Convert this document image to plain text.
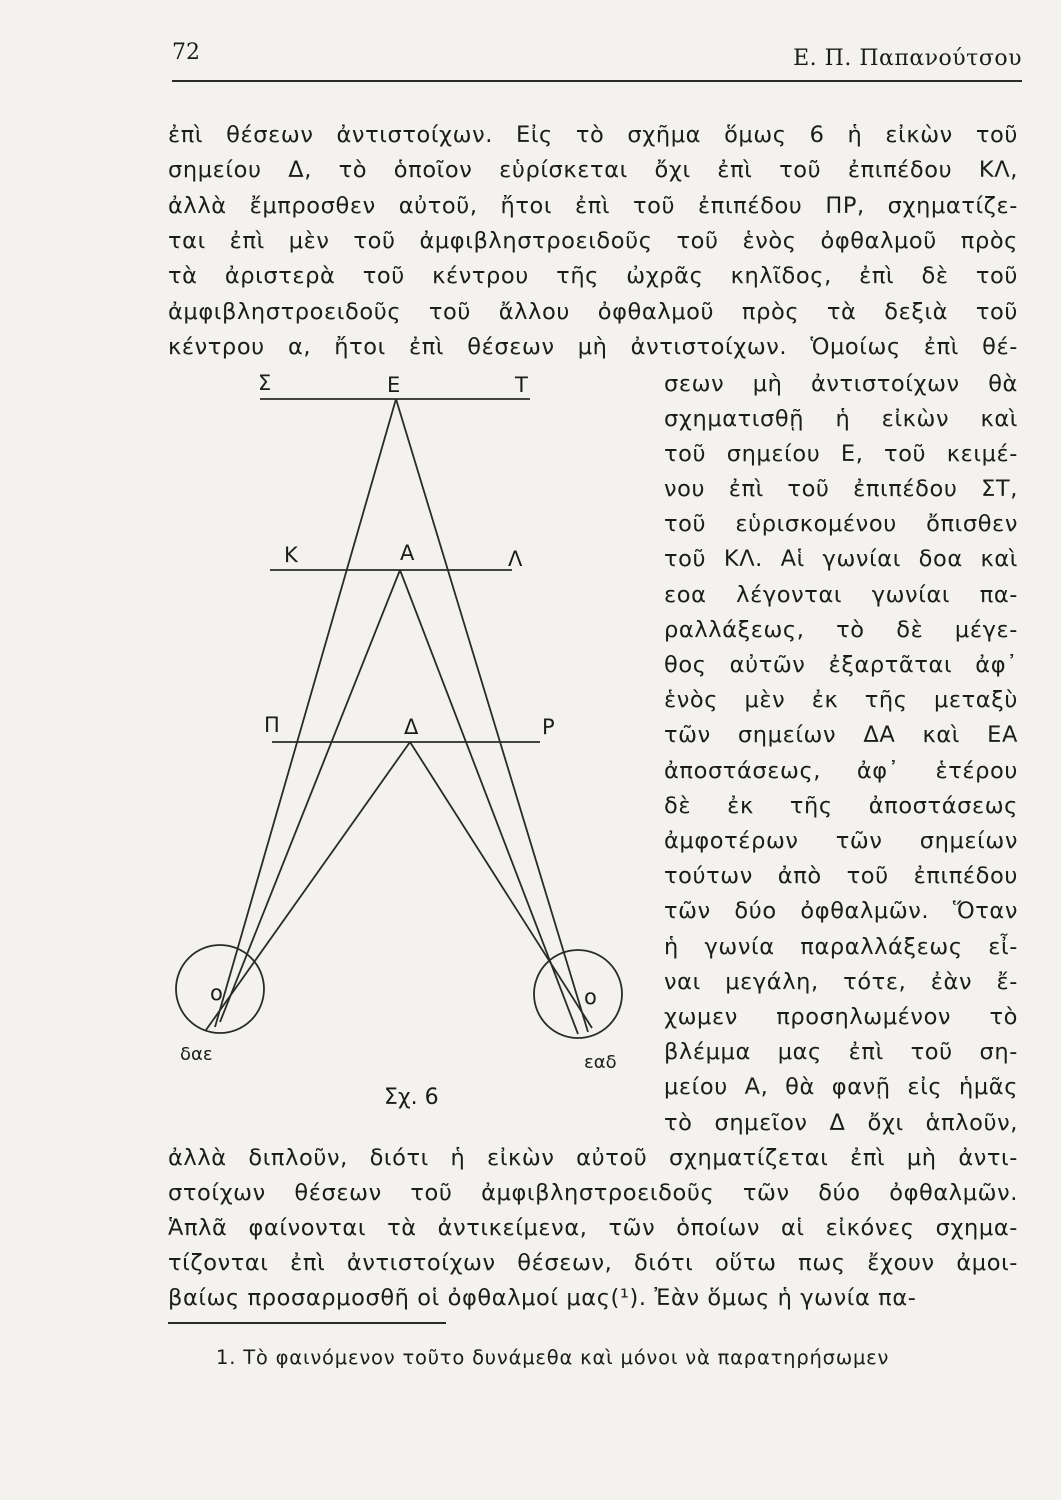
72	Ε. Π. Παπανούτσου
ἐπὶ θέσεων ἀντιστοίχων. Εἰς τὸ σχῆμα ὅμως 6 ἡ εἰκὼν τοῦ
σημείου Δ, τὸ ὁποῖον εὑρίσκεται ὄχι ἐπὶ τοῦ ἐπιπέδου ΚΛ,
ἀλλὰ ἔμπροσθεν αὐτοῦ, ἤτοι ἐπὶ τοῦ ἐπιπέδου ΠΡ, σχηματίζε-
ται ἐπὶ μὲν τοῦ ἀμφιβληστροειδοῦς τοῦ ἑνὸς ὀφθαλμοῦ πρὸς
τὰ ἀριστερὰ τοῦ κέντρου τῆς ὠχρᾶς κηλῖδος, ἐπὶ δὲ τοῦ
ἀμφιβληστροειδοῦς τοῦ ἄλλου ὀφθαλμοῦ πρὸς τὰ δεξιὰ τοῦ
κέντρου α, ἤτοι ἐπὶ θέσεων μὴ ἀντιστοίχων. Ὁμοίως ἐπὶ θέ-
σεων μὴ ἀντιστοίχων θὰ
σχηματισθῇ ἡ εἰκὼν καὶ
τοῦ σημείου Ε, τοῦ κειμέ-
νου ἐπὶ τοῦ ἐπιπέδου ΣΤ,
τοῦ εὑρισκομένου ὄπισθεν
τοῦ ΚΛ. Αἱ γωνίαι δοα καὶ
εοα λέγονται γωνίαι πα-
ραλλάξεως, τὸ δὲ μέγε-
θος αὐτῶν ἐξαρτᾶται ἀφ᾿
ἑνὸς μὲν ἐκ τῆς μεταξὺ
τῶν σημείων ΔΑ καὶ ΕΑ
ἀποστάσεως, ἀφ᾿ ἑτέρου
δὲ ἐκ τῆς ἀποστάσεως
ἀμφοτέρων τῶν σημείων
τούτων ἀπὸ τοῦ ἐπιπέδου
τῶν δύο ὀφθαλμῶν. Ὅταν
ἡ γωνία παραλλάξεως εἶ-
ναι μεγάλη, τότε, ἐὰν ἔ-
χωμεν προσηλωμένον τὸ
βλέμμα μας ἐπὶ τοῦ ση-
μείου Α, θὰ φανῇ εἰς ἡμᾶς
τὸ σημεῖον Δ ὄχι ἁπλοῦν,
ἀλλὰ διπλοῦν, διότι ἡ εἰκὼν αὐτοῦ σχηματίζεται ἐπὶ μὴ ἀντι-
στοίχων θέσεων τοῦ ἀμφιβληστροειδοῦς τῶν δύο ὀφθαλμῶν.
Ἁπλᾶ φαίνονται τὰ ἀντικείμενα, τῶν ὁποίων αἱ εἰκόνες σχημα-
τίζονται ἐπὶ ἀντιστοίχων θέσεων, διότι οὕτω πως ἔχουν ἀμοι-
βαίως προσαρμοσθῆ οἱ ὀφθαλμοί μας(¹). Ἐὰν ὅμως ἡ γωνία πα-
Σ	Ε	Τ
Κ	Α	Λ
Π	Δ	Ρ
ο	ο
δαε	εαδ
Σχ. 6
1. Τὸ φαινόμενον τοῦτο δυνάμεθα καὶ μόνοι νὰ παρατηρήσωμεν
